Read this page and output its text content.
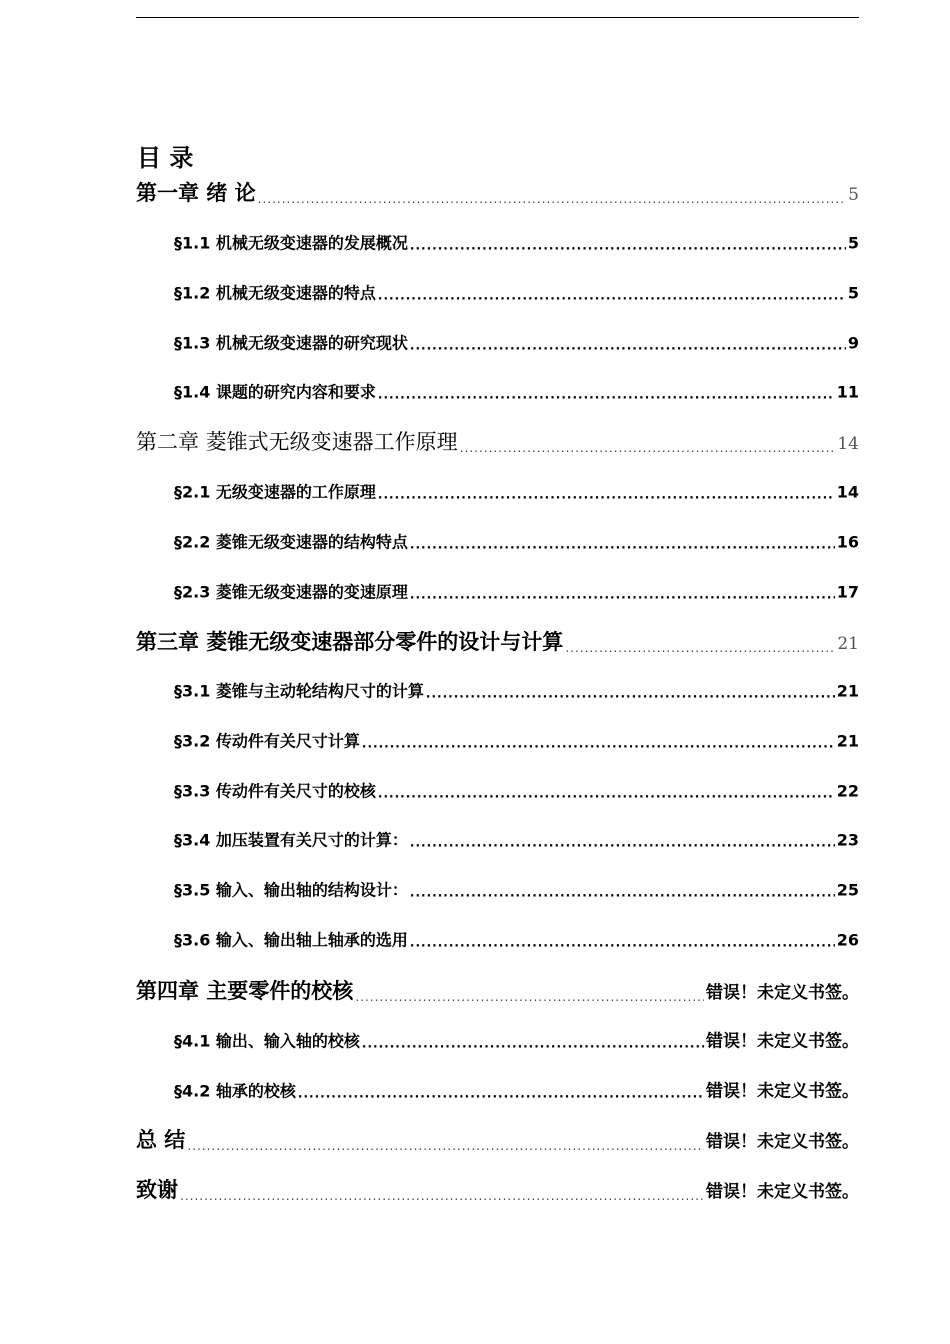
目 录
第一章 绪 论 .....	5
§1.1 机械无级变速器的发展概况 .....	5
§1.2 机械无级变速器的特点 .....	5
§1.3 机械无级变速器的研究现状 .....	9
§1.4 课题的研究内容和要求 .....	11
第二章 菱锥式无级变速器工作原理 .....	14
§2.1 无级变速器的工作原理 .....	14
§2.2 菱锥无级变速器的结构特点 .....	16
§2.3 菱锥无级变速器的变速原理 .....	17
第三章 菱锥无级变速器部分零件的设计与计算 .....	21
§3.1 菱锥与主动轮结构尺寸的计算 .....	21
§3.2 传动件有关尺寸计算 .....	21
§3.3 传动件有关尺寸的校核 .....	22
§3.4 加压装置有关尺寸的计算： .....	23
§3.5 输入、输出轴的结构设计： .....	25
§3.6 输入、输出轴上轴承的选用 .....	26
第四章 主要零件的校核 .....	错误！未定义书签。
§4.1 输出、输入轴的校核 .....	错误！未定义书签。
§4.2 轴承的校核 .....	错误！未定义书签。
总 结 .....	错误！未定义书签。
致谢 .....	错误！未定义书签。
